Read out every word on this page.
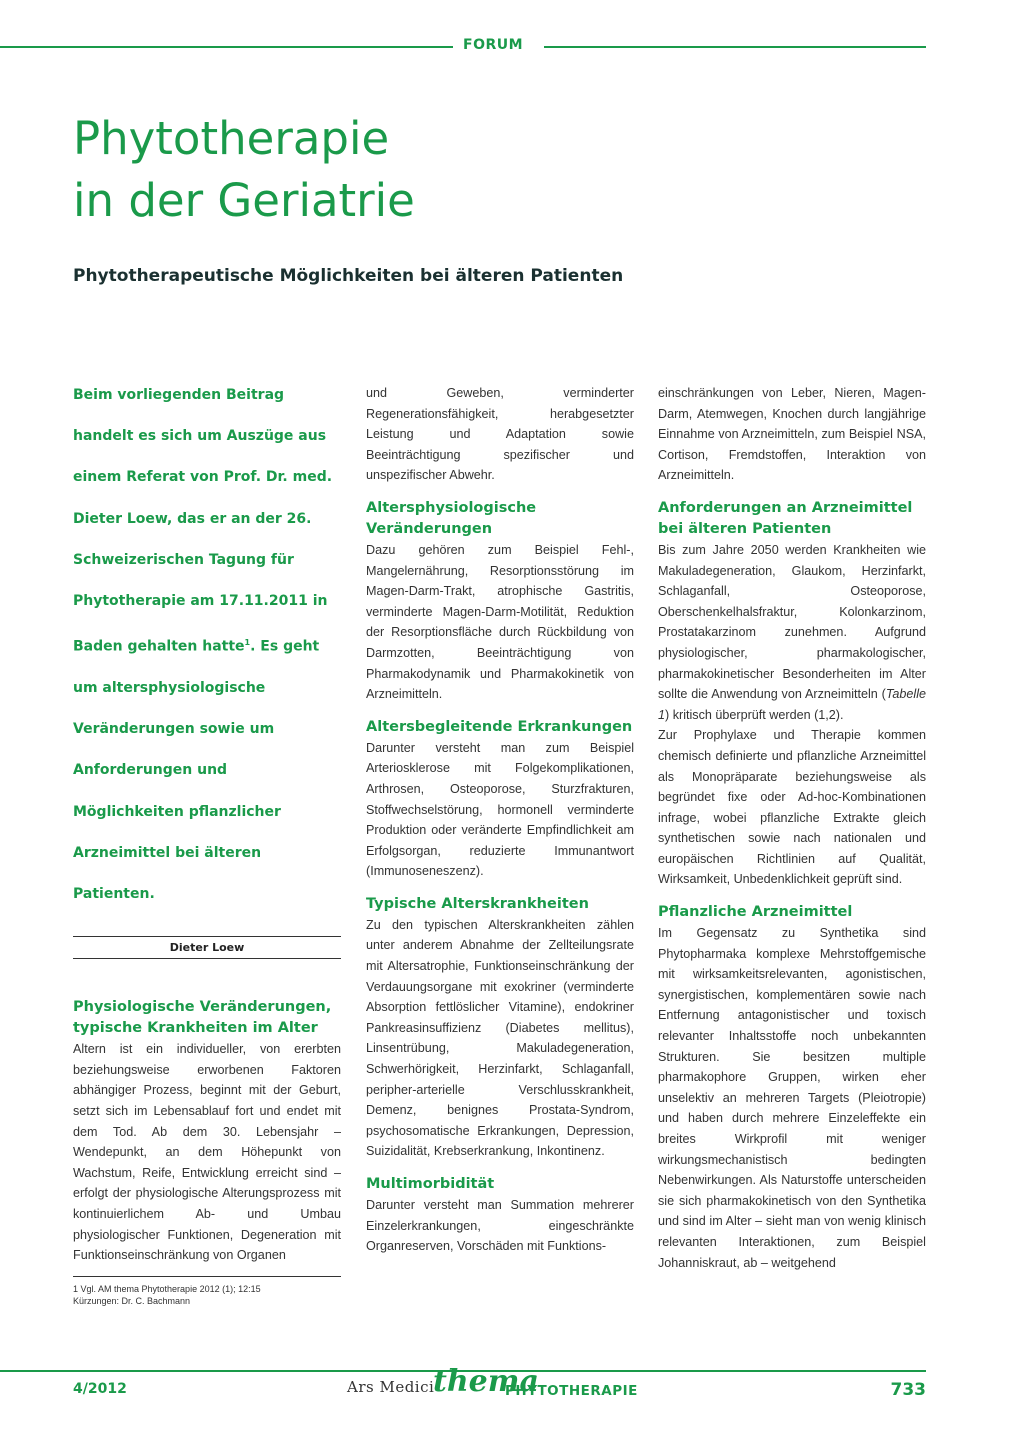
FORUM
Phytotherapie
in der Geriatrie
Phytotherapeutische Möglichkeiten bei älteren Patienten

Beim vorliegenden Beitrag handelt es sich um Auszüge aus einem Referat von Prof. Dr. med. Dieter Loew, das er an der 26. Schweizerischen Tagung für Phytotherapie am 17.11.2011 in Baden gehalten hatte$^1$. Es geht um altersphysiologische Veränderungen sowie um Anforderungen und Möglichkeiten pflanzlicher Arzneimittel bei älteren Patienten.

Dieter Loew
Physiologische Veränderungen, typische Krankheiten im Alter

Altern ist ein individueller, von ererbten beziehungsweise erworbenen Faktoren abhängiger Prozess, beginnt mit der Geburt, setzt sich im Lebensablauf fort und endet mit dem Tod. Ab dem 30. Lebensjahr – Wendepunkt, an dem Höhepunkt von Wachstum, Reife, Entwicklung erreicht sind – erfolgt der physiologische Alterungsprozess mit kontinuierlichem Ab- und Umbau physiologischer Funktionen, Degeneration mit Funktionseinschränkung von Organen

1 Vgl. AM thema Phytotherapie 2012 (1); 12:15
Kürzungen: Dr. C. Bachmann

und Geweben, verminderter Regenerationsfähigkeit, herabgesetzter Leistung und Adaptation sowie Beeinträchtigung spezifischer und unspezifischer Abwehr.

Altersphysiologische Veränderungen

Dazu gehören zum Beispiel Fehl-, Mangelernährung, Resorptionsstörung im Magen-Darm-Trakt, atrophische Gastritis, verminderte Magen-Darm-Motilität, Reduktion der Resorptionsfläche durch Rückbildung von Darmzotten, Beeinträchtigung von Pharmakodynamik und Pharmakokinetik von Arzneimitteln.

Altersbegleitende Erkrankungen

Darunter versteht man zum Beispiel Arteriosklerose mit Folgekomplikationen, Arthrosen, Osteoporose, Sturzfrakturen, Stoffwechselstörung, hormonell verminderte Produktion oder veränderte Empfindlichkeit am Erfolgsorgan, reduzierte Immunantwort (Immunoseneszenz).

Typische Alterskrankheiten

Zu den typischen Alterskrankheiten zählen unter anderem Abnahme der Zellteilungsrate mit Altersatrophie, Funktionseinschränkung der Verdauungsorgane mit exokriner (verminderte Absorption fettlöslicher Vitamine), endokriner Pankreasinsuffizienz (Diabetes mellitus), Linsentrübung, Makuladegeneration, Schwerhörigkeit, Herzinfarkt, Schlaganfall, peripher-arterielle Verschlusskrankheit, Demenz, benignes Prostata-Syndrom, psychosomatische Erkrankungen, Depression, Suizidalität, Krebserkrankung, Inkontinenz.

Multimorbidität

Darunter versteht man Summation mehrerer Einzelerkrankungen, eingeschränkte Organreserven, Vorschäden mit Funktions-

einschränkungen von Leber, Nieren, Magen-Darm, Atemwegen, Knochen durch langjährige Einnahme von Arzneimitteln, zum Beispiel NSA, Cortison, Fremdstoffen, Interaktion von Arzneimitteln.

Anforderungen an Arzneimittel bei älteren Patienten

Bis zum Jahre 2050 werden Krankheiten wie Makuladegeneration, Glaukom, Herzinfarkt, Schlaganfall, Osteoporose, Oberschenkelhalsfraktur, Kolonkarzinom, Prostatakarzinom zunehmen. Aufgrund physiologischer, pharmakologischer, pharmakokinetischer Besonderheiten im Alter sollte die Anwendung von Arzneimitteln (Tabelle 1) kritisch überprüft werden (1,2).

Zur Prophylaxe und Therapie kommen chemisch definierte und pflanzliche Arzneimittel als Monopräparate beziehungsweise als begründet fixe oder Ad-hoc-Kombinationen infrage, wobei pflanzliche Extrakte gleich synthetischen sowie nach nationalen und europäischen Richtlinien auf Qualität, Wirksamkeit, Unbedenklichkeit geprüft sind.

Pflanzliche Arzneimittel

Im Gegensatz zu Synthetika sind Phytopharmaka komplexe Mehrstoffgemische mit wirksamkeitsrelevanten, agonistischen, synergistischen, komplementären sowie nach Entfernung antagonistischer und toxisch relevanter Inhaltsstoffe noch unbekannten Strukturen. Sie besitzen multiple pharmakophore Gruppen, wirken eher unselektiv an mehreren Targets (Pleiotropie) und haben durch mehrere Einzeleffekte ein breites Wirkprofil mit weniger wirkungsmechanistisch bedingten Nebenwirkungen. Als Naturstoffe unterscheiden sie sich pharmakokinetisch von den Synthetika und sind im Alter – sieht man von wenig klinisch relevanten Interaktionen, zum Beispiel Johanniskraut, ab – weitgehend

4/2012	Ars Medici
thema
PHYTOTHERAPIE	733
